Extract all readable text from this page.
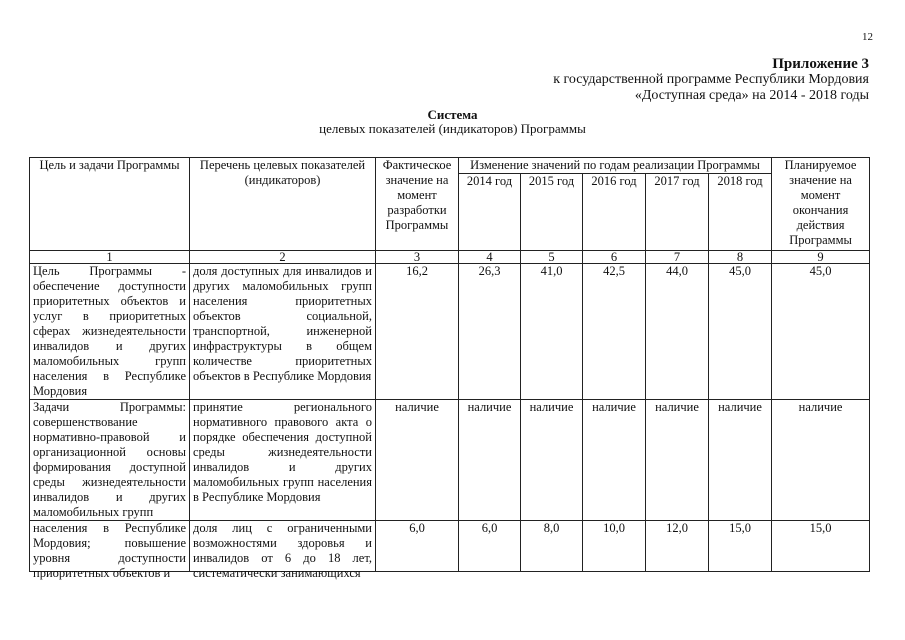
12
Приложение 3
к государственной программе Республики Мордовия
«Доступная среда» на 2014 - 2018 годы
Система
целевых показателей (индикаторов) Программы
Цель и задачи Программы	Перечень целевых показателей (индикаторов)	Фактическое значение на момент разработки Программы	Изменение значений по годам реализации Программы					Планируемое значение на момент окончания действия Программы
			2014 год	2015 год	2016 год	2017 год	2018 год	
1	2	3	4	5	6	7	8	9
Цель Программы - обеспечение доступности приоритетных объектов и услуг в приоритетных сферах жизнедеятельности инвалидов и других маломобильных групп населения в Республике Мордовия	доля доступных для инвалидов и других маломобильных групп населения приоритетных объектов социальной, транспортной, инженерной инфраструктуры в общем количестве приоритетных объектов в Республике Мордовия	16,2	26,3	41,0	42,5	44,0	45,0	45,0
Задачи Программы: совершенствование нормативно-правовой и организационной основы формирования доступной среды жизнедеятельности инвалидов и других маломобильных групп	принятие регионального нормативного правового акта о порядке обеспечения доступной среды жизнедеятельности инвалидов и других маломобильных групп населения в Республике Мордовия	наличие	наличие	наличие	наличие	наличие	наличие	наличие

населения в Республике Мордовия; повышение уровня доступности приоритетных объектов и	доля лиц с ограниченными возможностями здоровья и инвалидов от 6 до 18 лет, систематически занимающихся	6,0	6,0	8,0	10,0	12,0	15,0	15,0
